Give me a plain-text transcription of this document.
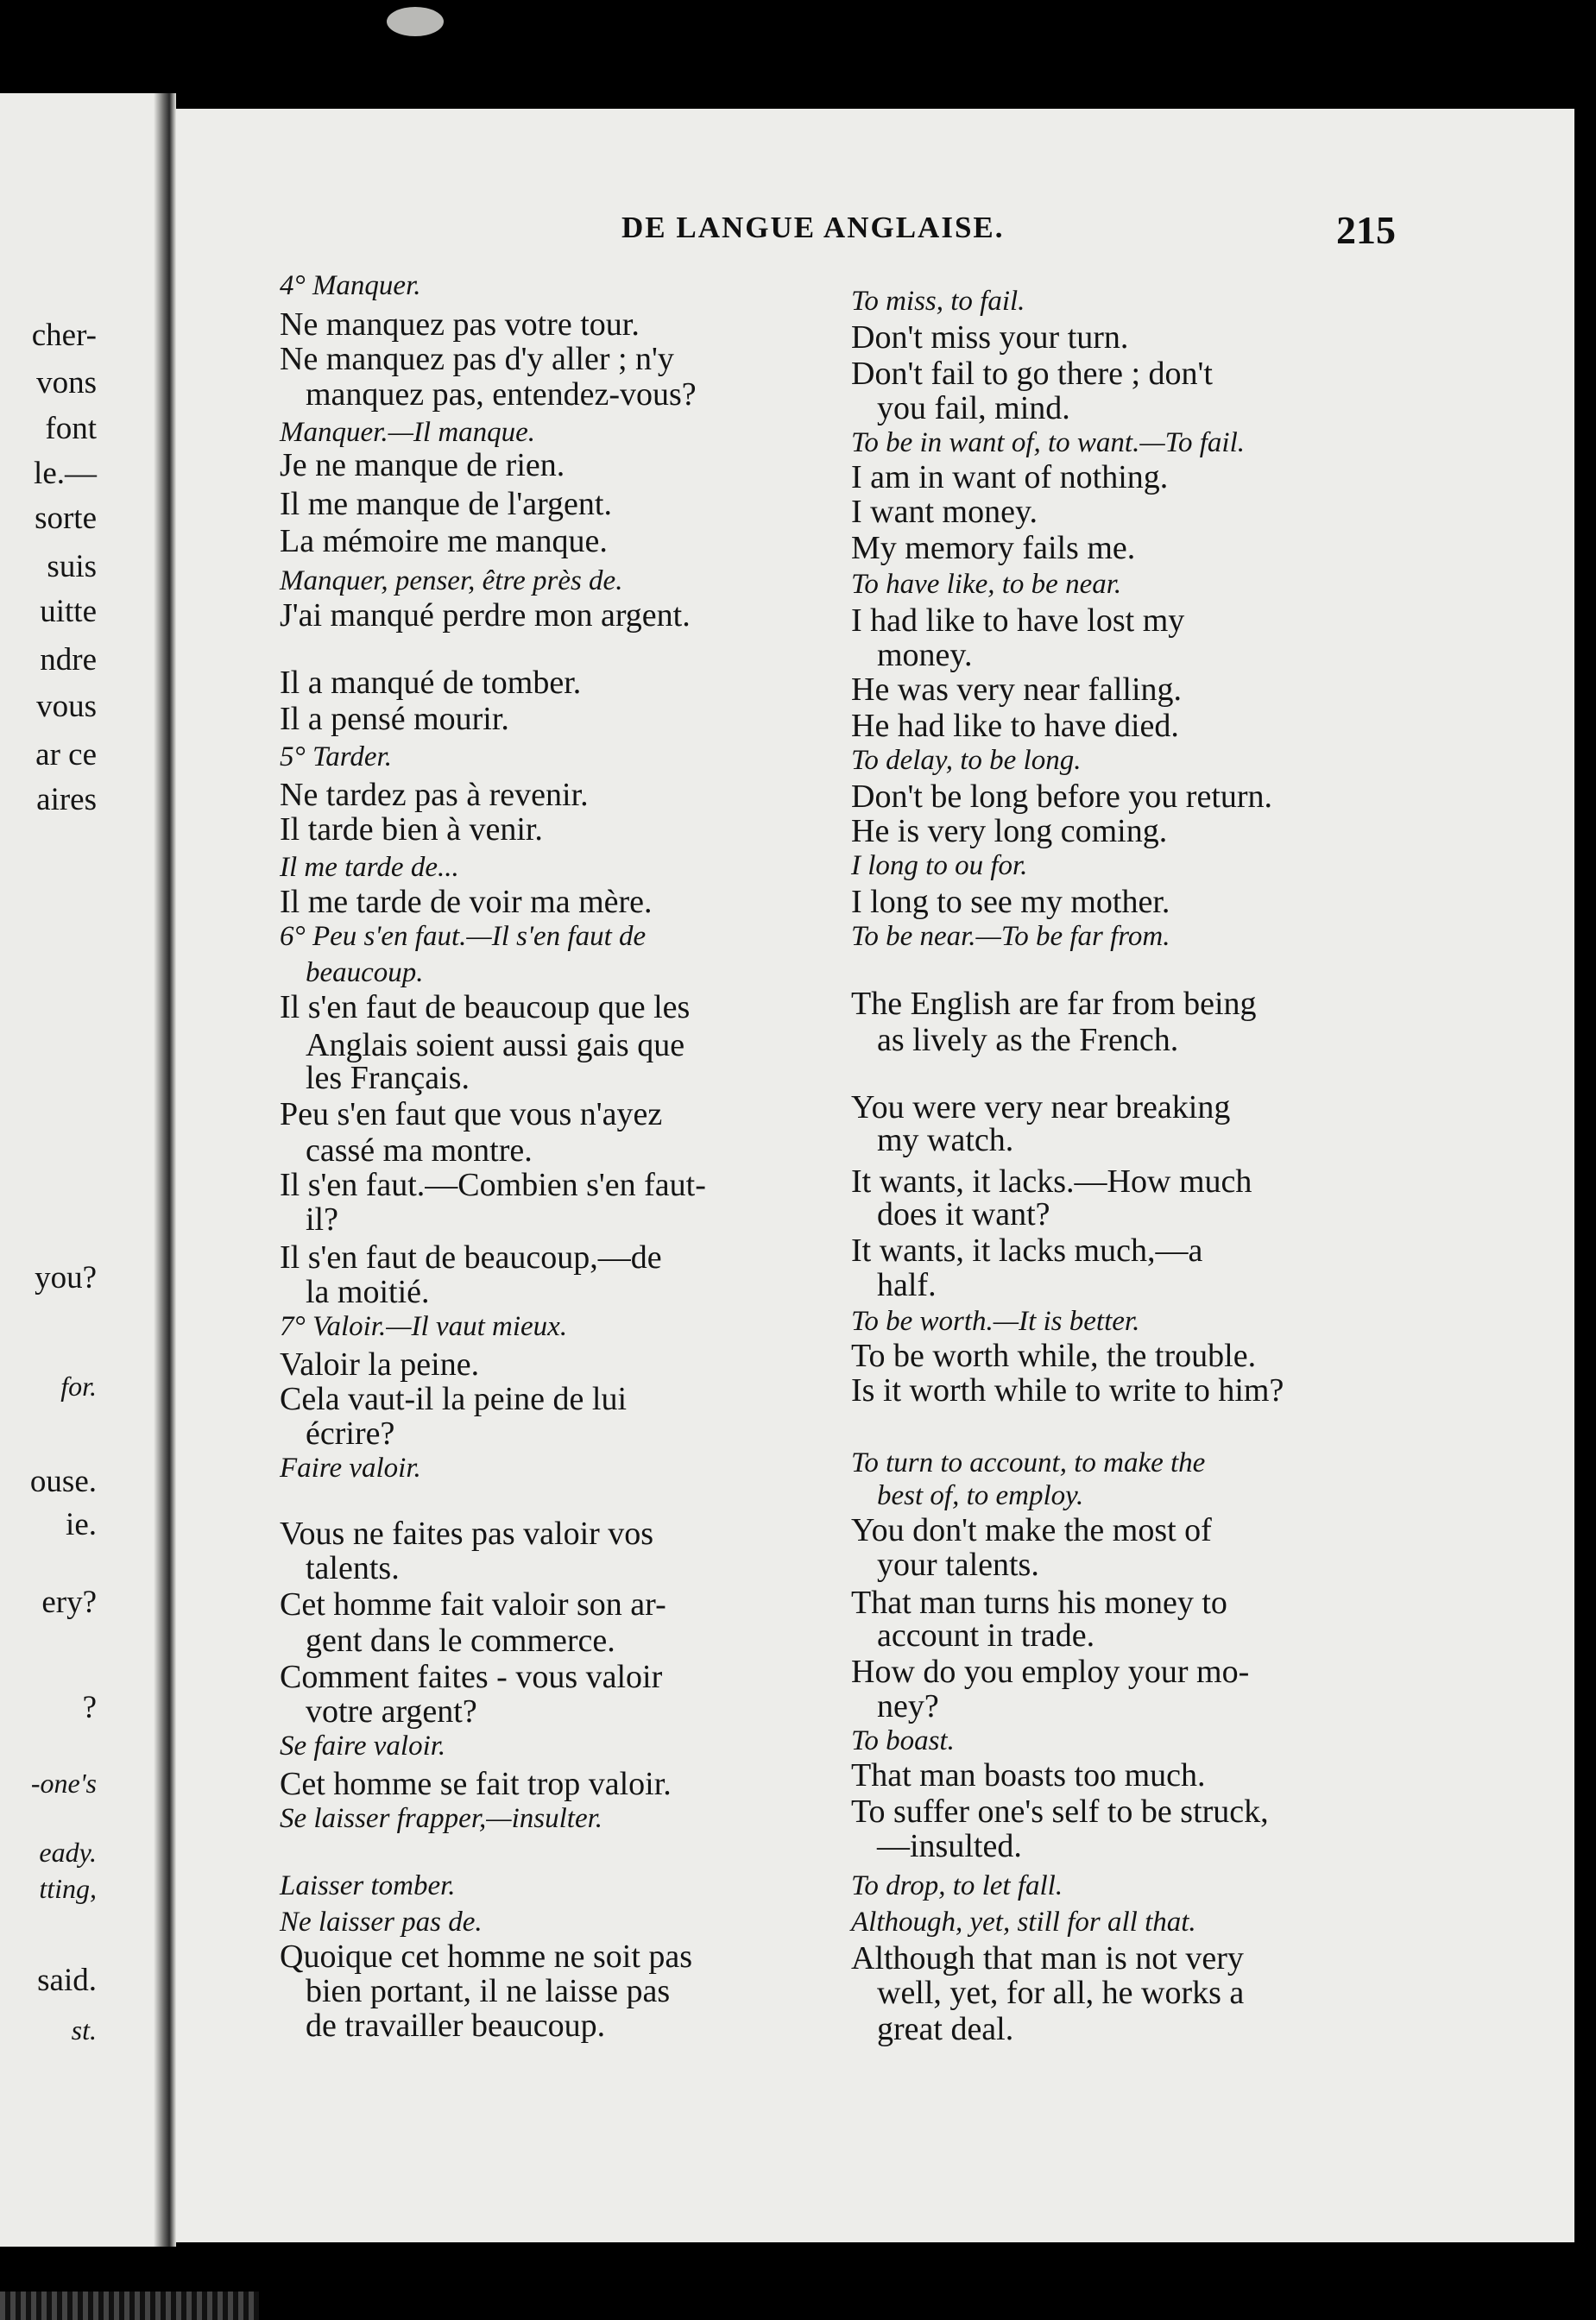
cher-
vons
font
le.—
sorte
suis
uitte
ndre
vous
ar ce
aires
you?
for.
ouse.
ie.
ery?
?
-one's
eady.
tting,
said.
st.
DE LANGUE ANGLAISE.	215
4° Manquer.
Ne manquez pas votre tour.
Ne manquez pas d'y aller ; n'y
manquez pas, entendez-vous?
Manquer.—Il manque.
Je ne manque de rien.
Il me manque de l'argent.
La mémoire me manque.
Manquer, penser, être près de.
J'ai manqué perdre mon argent.
Il a manqué de tomber.
Il a pensé mourir.
5° Tarder.
Ne tardez pas à revenir.
Il tarde bien à venir.
Il me tarde de...
Il me tarde de voir ma mère.
6° Peu s'en faut.—Il s'en faut de
beaucoup.
Il s'en faut de beaucoup que les
Anglais soient aussi gais que
les Français.
Peu s'en faut que vous n'ayez
cassé ma montre.
Il s'en faut.—Combien s'en faut-
il?
Il s'en faut de beaucoup,—de
la moitié.
7° Valoir.—Il vaut mieux.
Valoir la peine.
Cela vaut-il la peine de lui
écrire?
Faire valoir.
Vous ne faites pas valoir vos
talents.
Cet homme fait valoir son ar-
gent dans le commerce.
Comment faites - vous valoir
votre argent?
Se faire valoir.
Cet homme se fait trop valoir.
Se laisser frapper,—insulter.
Laisser tomber.
Ne laisser pas de.
Quoique cet homme ne soit pas
bien portant, il ne laisse pas
de travailler beaucoup.
To miss, to fail.
Don't miss your turn.
Don't fail to go there ; don't
you fail, mind.
To be in want of, to want.—To fail.
I am in want of nothing.
I want money.
My memory fails me.
To have like, to be near.
I had like to have lost my
money.
He was very near falling.
He had like to have died.
To delay, to be long.
Don't be long before you return.
He is very long coming.
I long to ou for.
I long to see my mother.
To be near.—To be far from.
The English are far from being
as lively as the French.
You were very near breaking
my watch.
It wants, it lacks.—How much
does it want?
It wants, it lacks much,—a
half.
To be worth.—It is better.
To be worth while, the trouble.
Is it worth while to write to him?
To turn to account, to make the
best of, to employ.
You don't make the most of
your talents.
That man turns his money to
account in trade.
How do you employ your mo-
ney?
To boast.
That man boasts too much.
To suffer one's self to be struck,
—insulted.
To drop, to let fall.
Although, yet, still for all that.
Although that man is not very
well, yet, for all, he works a
great deal.
